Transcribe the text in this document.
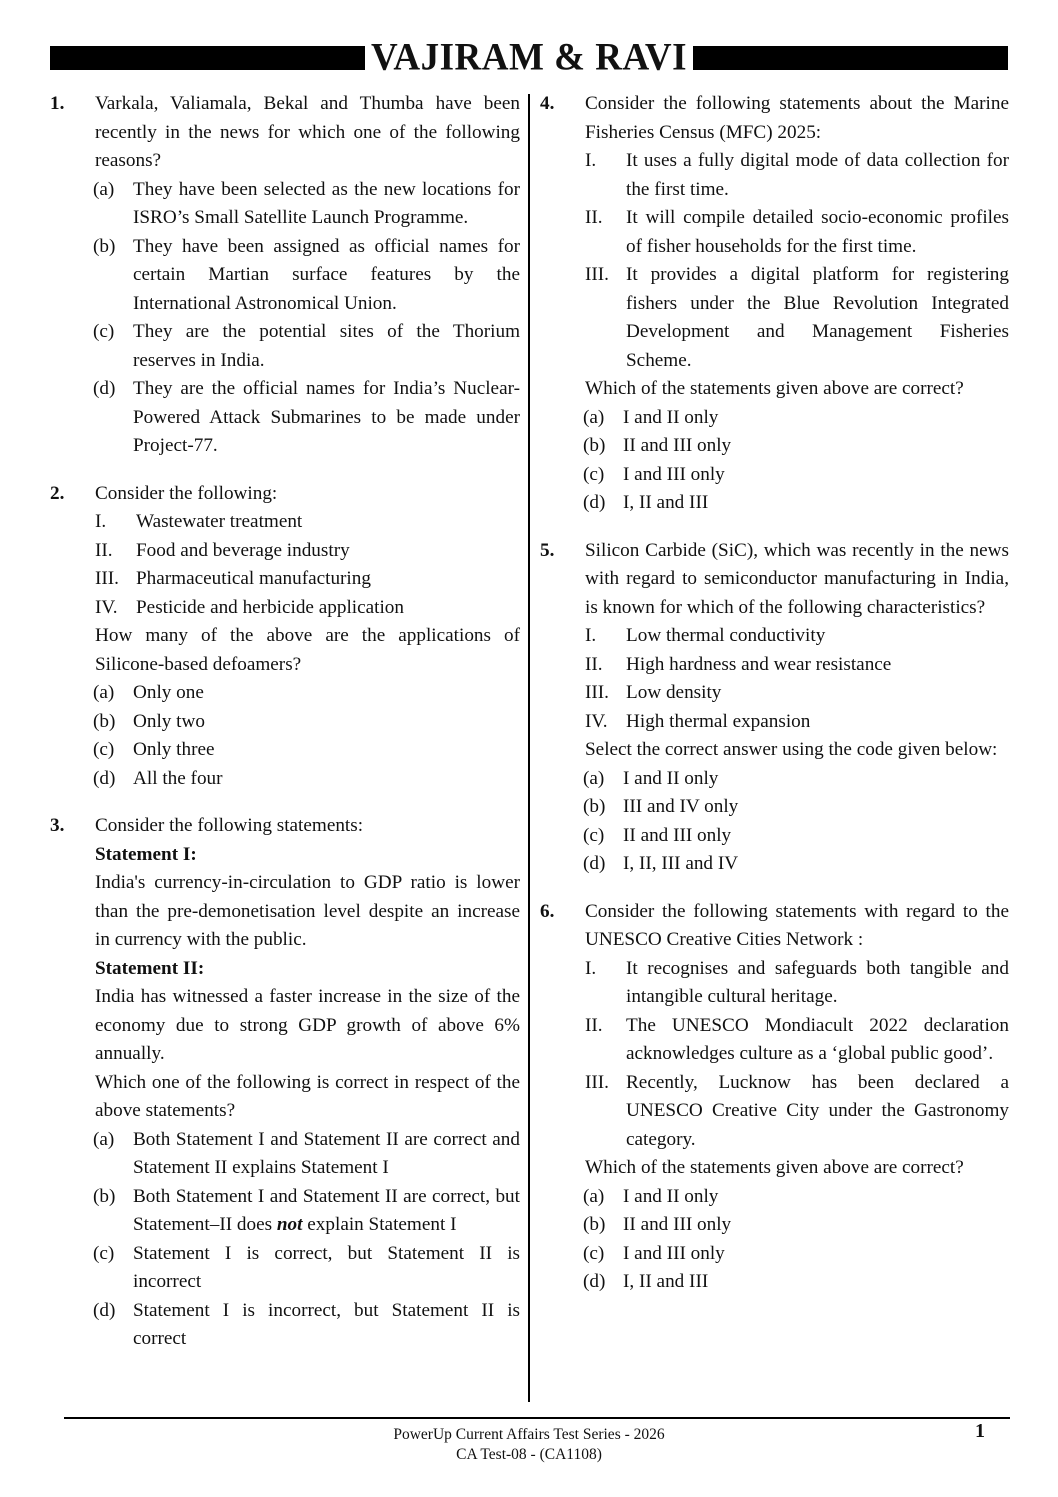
VAJIRAM & RAVI
1. Varkala, Valiamala, Bekal and Thumba have been recently in the news for which one of the following reasons?
(a) They have been selected as the new locations for ISRO’s Small Satellite Launch Programme.
(b) They have been assigned as official names for certain Martian surface features by the International Astronomical Union.
(c) They are the potential sites of the Thorium reserves in India.
(d) They are the official names for India’s Nuclear-Powered Attack Submarines to be made under Project-77.
2. Consider the following:
I. Wastewater treatment
II. Food and beverage industry
III. Pharmaceutical manufacturing
IV. Pesticide and herbicide application
How many of the above are the applications of Silicone-based defoamers?
(a) Only one
(b) Only two
(c) Only three
(d) All the four
3. Consider the following statements:
Statement I:
India's currency-in-circulation to GDP ratio is lower than the pre-demonetisation level despite an increase in currency with the public.
Statement II:
India has witnessed a faster increase in the size of the economy due to strong GDP growth of above 6% annually.
Which one of the following is correct in respect of the above statements?
(a) Both Statement I and Statement II are correct and Statement II explains Statement I
(b) Both Statement I and Statement II are correct, but Statement–II does not explain Statement I
(c) Statement I is correct, but Statement II is incorrect
(d) Statement I is incorrect, but Statement II is correct
4. Consider the following statements about the Marine Fisheries Census (MFC) 2025:
I. It uses a fully digital mode of data collection for the first time.
II. It will compile detailed socio-economic profiles of fisher households for the first time.
III. It provides a digital platform for registering fishers under the Blue Revolution Integrated Development and Management Fisheries Scheme.
Which of the statements given above are correct?
(a) I and II only
(b) II and III only
(c) I and III only
(d) I, II and III
5. Silicon Carbide (SiC), which was recently in the news with regard to semiconductor manufacturing in India, is known for which of the following characteristics?
I. Low thermal conductivity
II. High hardness and wear resistance
III. Low density
IV. High thermal expansion
Select the correct answer using the code given below:
(a) I and II only
(b) III and IV only
(c) II and III only
(d) I, II, III and IV
6. Consider the following statements with regard to the UNESCO Creative Cities Network :
I. It recognises and safeguards both tangible and intangible cultural heritage.
II. The UNESCO Mondiacult 2022 declaration acknowledges culture as a ‘global public good’.
III. Recently, Lucknow has been declared a UNESCO Creative City under the Gastronomy category.
Which of the statements given above are correct?
(a) I and II only
(b) II and III only
(c) I and III only
(d) I, II and III
PowerUp Current Affairs Test Series - 2026
CA Test-08 - (CA1108)
1
